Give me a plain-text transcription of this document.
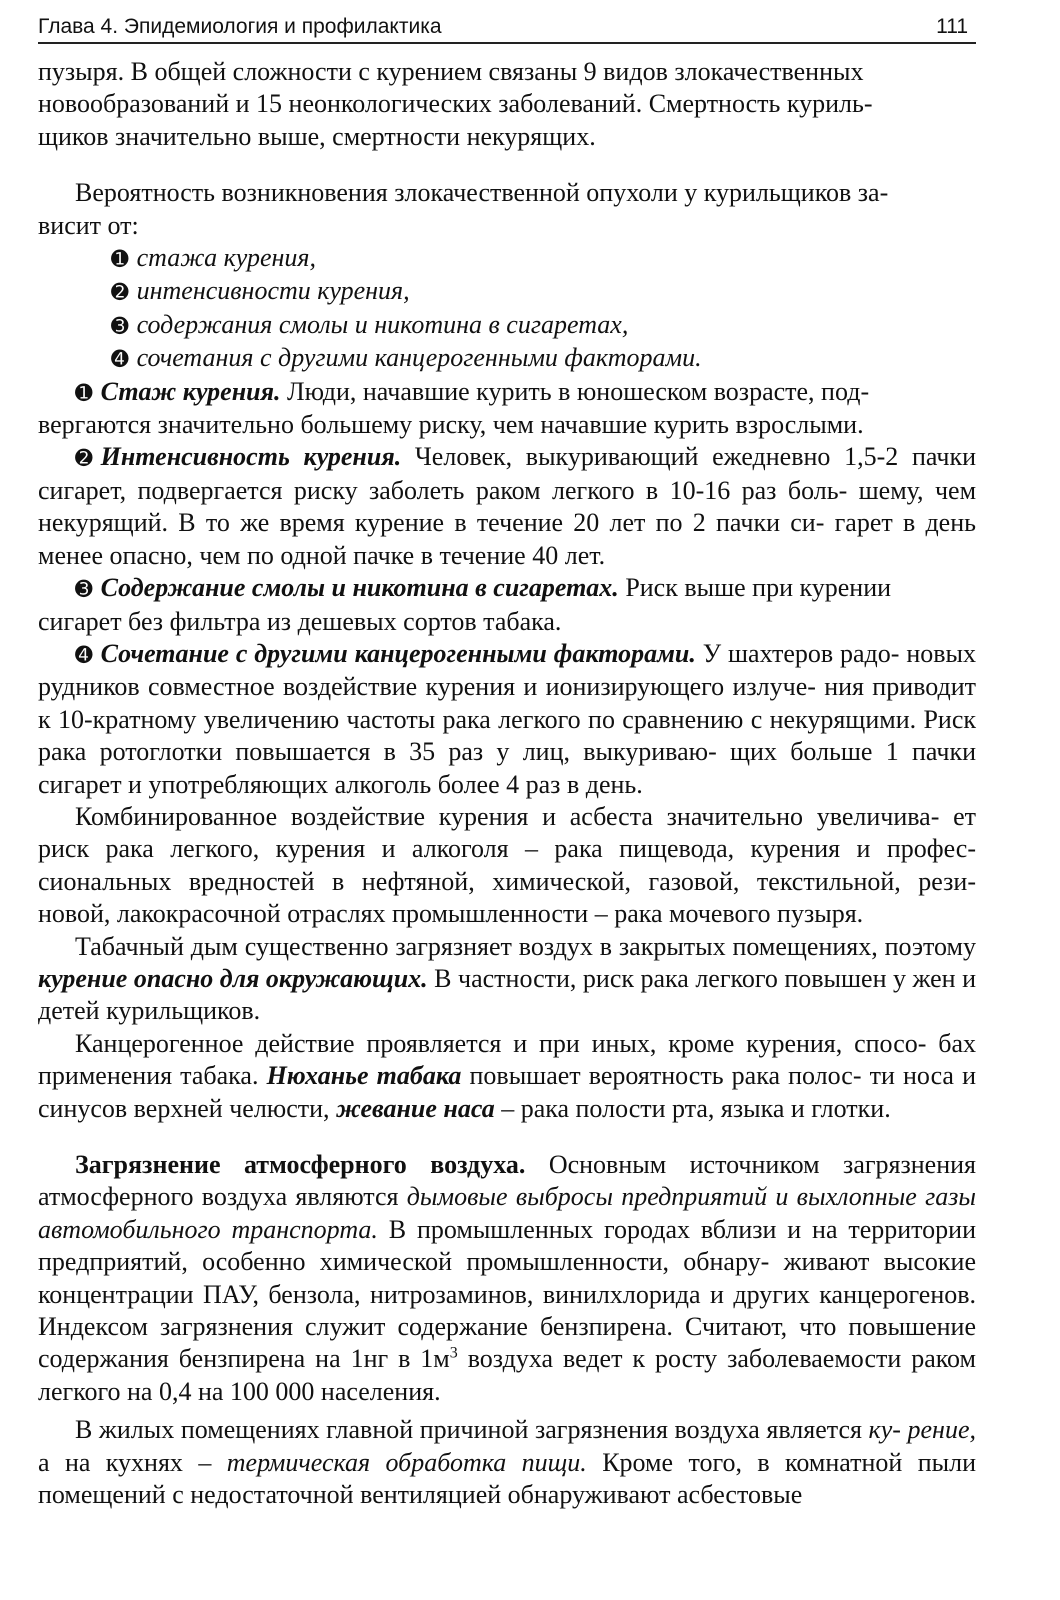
Глава 4. Эпидемиология и профилактика	111

пузыря. В общей сложности с курением связаны 9 видов злокачественных
новообразований и 15 неонкологических заболеваний. Смертность куриль-
щиков значительно выше, смертности некурящих.

Вероятность возникновения злокачественной опухоли у курильщиков за-
висит от:

➊ стажа курения,
➋ интенсивности курения,
➌ содержания смолы и никотина в сигаретах,
➍ сочетания с другими канцерогенными факторами.

➊ Стаж курения. Люди, начавшие курить в юношеском возрасте, под-
вергаются значительно большему риску, чем начавшие курить взрослыми.

➋ Интенсивность курения. Человек, выкуривающий ежедневно 1,5-2 пачки сигарет, подвергается риску заболеть раком легкого в 10-16 раз боль- шему, чем некурящий. В то же время курение в течение 20 лет по 2 пачки си- гарет в день менее опасно, чем по одной пачке в течение 40 лет.

➌ Содержание смолы и никотина в сигаретах. Риск выше при курении
сигарет без фильтра из дешевых сортов табака.

➍ Сочетание с другими канцерогенными факторами. У шахтеров радо- новых рудников совместное воздействие курения и ионизирующего излуче- ния приводит к 10-кратному увеличению частоты рака легкого по сравнению с некурящими. Риск рака ротоглотки повышается в 35 раз у лиц, выкуриваю- щих больше 1 пачки сигарет и употребляющих алкоголь более 4 раз в день.

Комбинированное воздействие курения и асбеста значительно увеличива- ет риск рака легкого, курения и алкоголя – рака пищевода, курения и профес- сиональных вредностей в нефтяной, химической, газовой, текстильной, рези- новой, лакокрасочной отраслях промышленности – рака мочевого пузыря.

Табачный дым существенно загрязняет воздух в закрытых помещениях, поэтому курение опасно для окружающих. В частности, риск рака легкого повышен у жен и детей курильщиков.

Канцерогенное действие проявляется и при иных, кроме курения, спосо- бах применения табака. Нюханье табака повышает вероятность рака полос- ти носа и синусов верхней челюсти, жевание наса – рака полости рта, языка и глотки.

Загрязнение атмосферного воздуха. Основным источником загрязнения атмосферного воздуха являются дымовые выбросы предприятий и выхлопные газы автомобильного транспорта. В промышленных городах вблизи и на территории предприятий, особенно химической промышленности, обнару- живают высокие концентрации ПАУ, бензола, нитрозаминов, винилхлорида и других канцерогенов. Индексом загрязнения служит содержание бензпирена. Считают, что повышение содержания бензпирена на 1нг в $1м^3$ воздуха ведет к росту заболеваемости раком легкого на 0,4 на 100 000 населения.

В жилых помещениях главной причиной загрязнения воздуха является ку- рение, а на кухнях – термическая обработка пищи. Кроме того, в комнатной пыли помещений с недостаточной вентиляцией обнаруживают асбестовые
